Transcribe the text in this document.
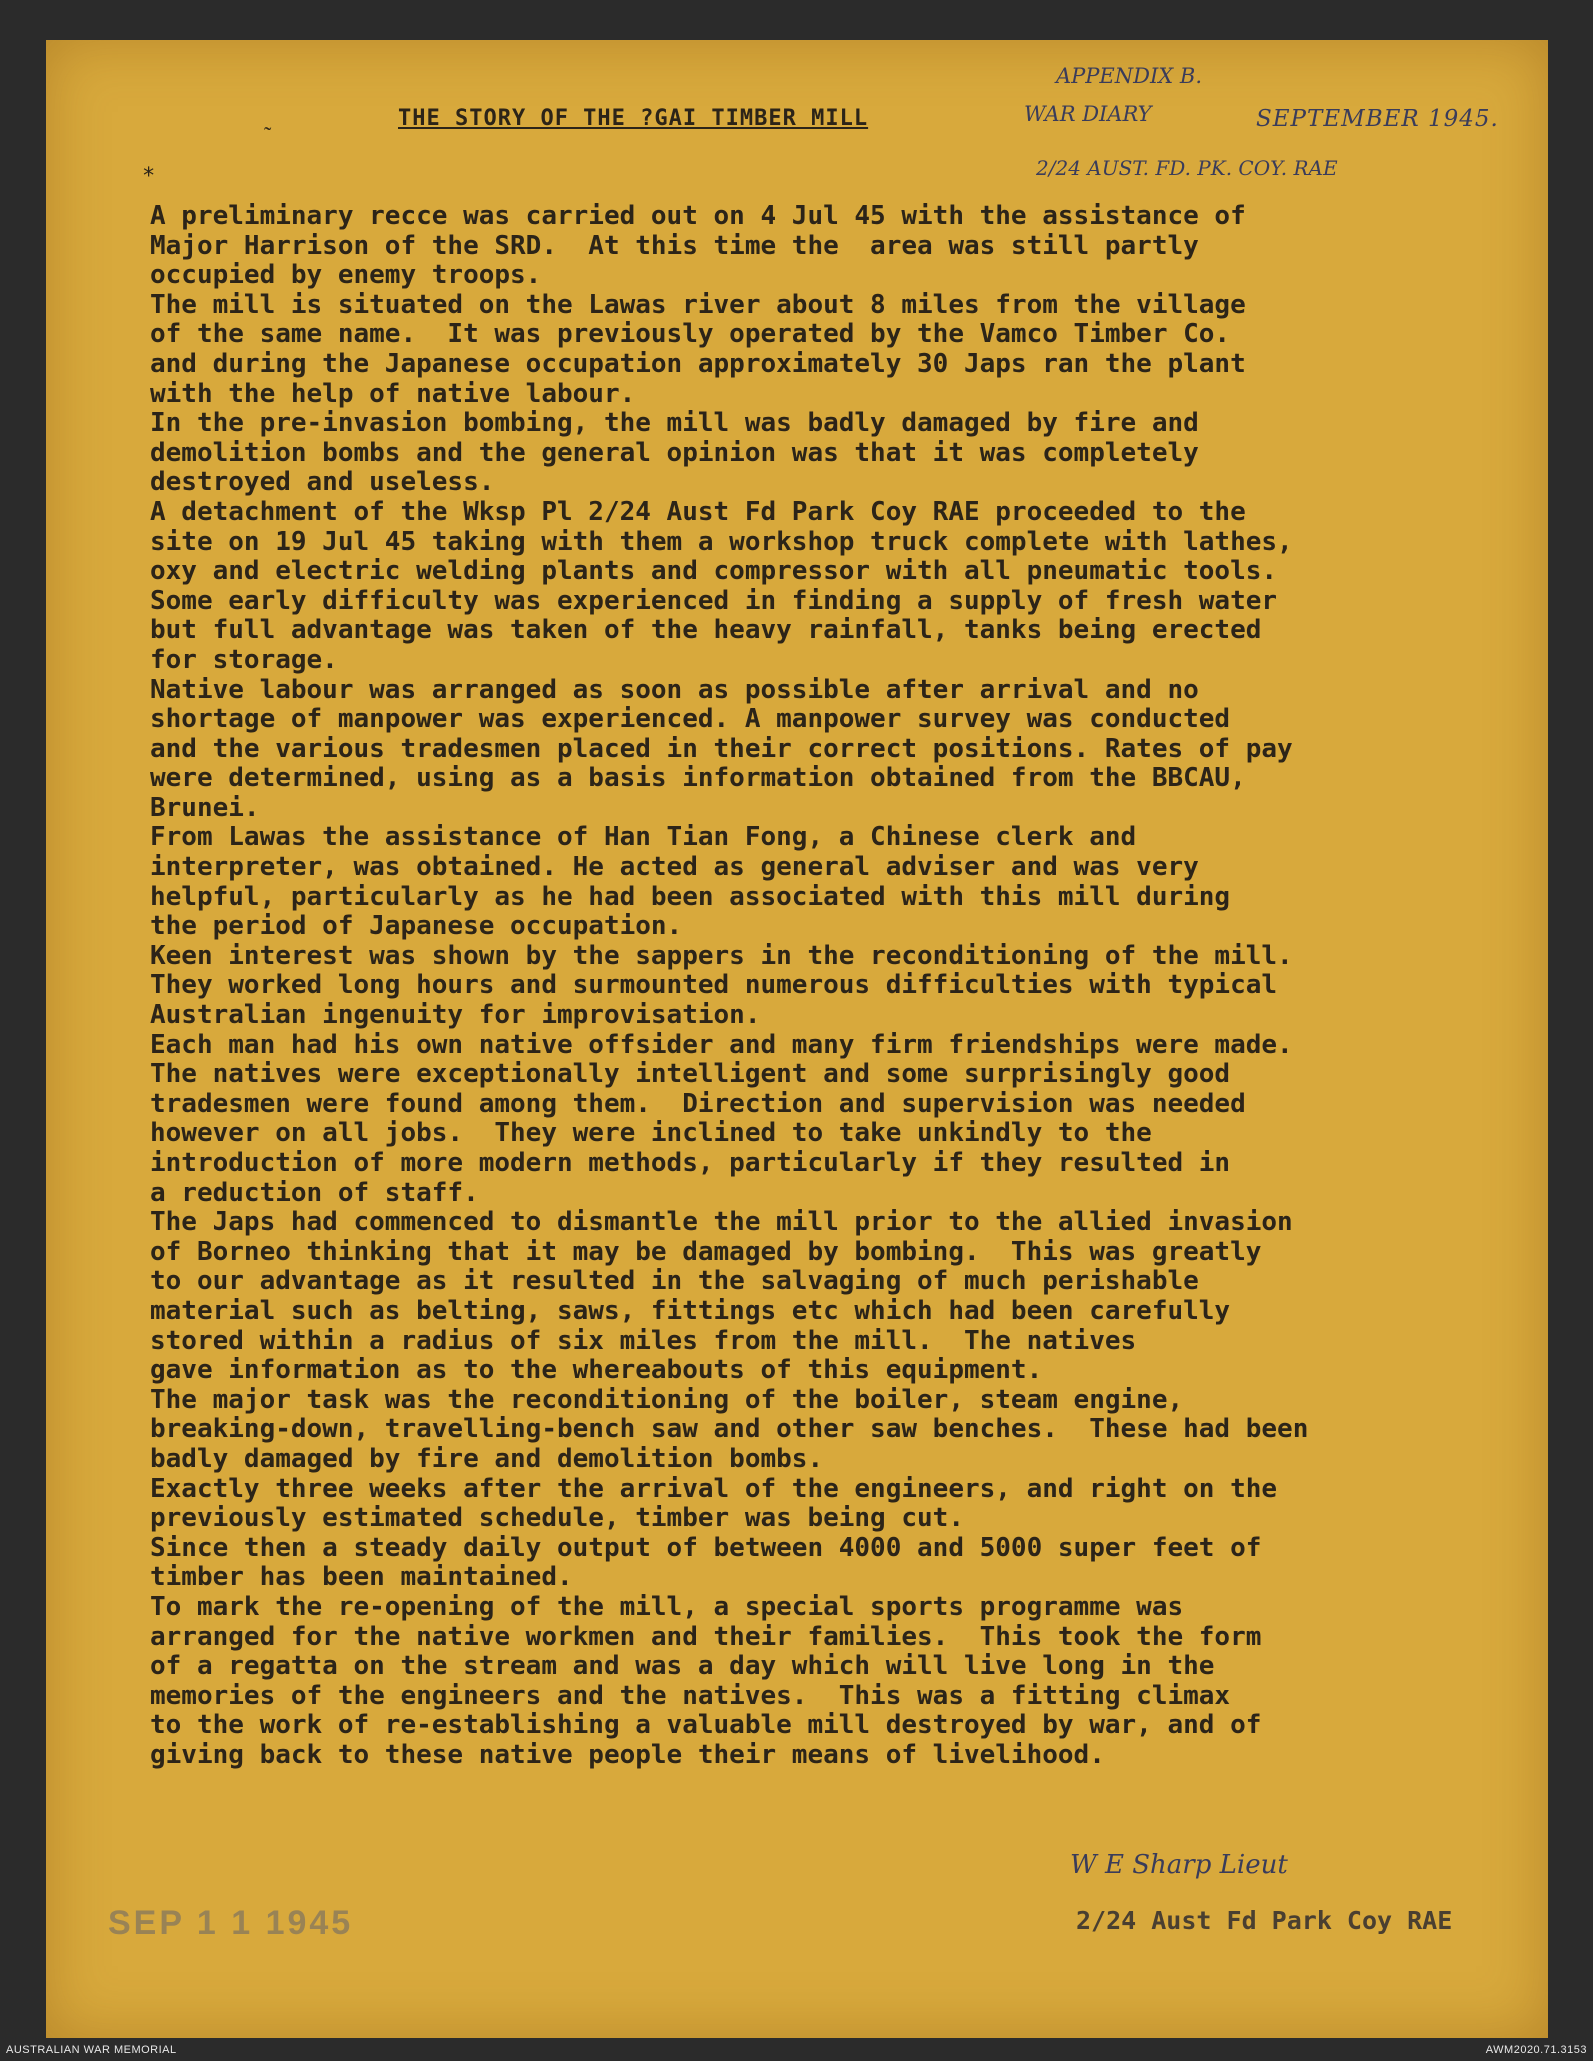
APPENDIX B.
WAR DIARY	SEPTEMBER 1945.
2/24 AUST. FD. PK. COY. RAE
THE STORY OF THE ?GAI TIMBER MILL
˷
*
A preliminary recce was carried out on 4 Jul 45 with the assistance of
Major Harrison of the SRD.  At this time the  area was still partly
occupied by enemy troops.
The mill is situated on the Lawas river about 8 miles from the village
of the same name.  It was previously operated by the Vamco Timber Co.
and during the Japanese occupation approximately 30 Japs ran the plant
with the help of native labour.
In the pre-invasion bombing, the mill was badly damaged by fire and
demolition bombs and the general opinion was that it was completely
destroyed and useless.
A detachment of the Wksp Pl 2/24 Aust Fd Park Coy RAE proceeded to the
site on 19 Jul 45 taking with them a workshop truck complete with lathes,
oxy and electric welding plants and compressor with all pneumatic tools.
Some early difficulty was experienced in finding a supply of fresh water
but full advantage was taken of the heavy rainfall, tanks being erected
for storage.
Native labour was arranged as soon as possible after arrival and no
shortage of manpower was experienced. A manpower survey was conducted
and the various tradesmen placed in their correct positions. Rates of pay
were determined, using as a basis information obtained from the BBCAU,
Brunei.
From Lawas the assistance of Han Tian Fong, a Chinese clerk and
interpreter, was obtained. He acted as general adviser and was very
helpful, particularly as he had been associated with this mill during
the period of Japanese occupation.
Keen interest was shown by the sappers in the reconditioning of the mill.
They worked long hours and surmounted numerous difficulties with typical
Australian ingenuity for improvisation.
Each man had his own native offsider and many firm friendships were made.
The natives were exceptionally intelligent and some surprisingly good
tradesmen were found among them.  Direction and supervision was needed
however on all jobs.  They were inclined to take unkindly to the
introduction of more modern methods, particularly if they resulted in
a reduction of staff.
The Japs had commenced to dismantle the mill prior to the allied invasion
of Borneo thinking that it may be damaged by bombing.  This was greatly
to our advantage as it resulted in the salvaging of much perishable
material such as belting, saws, fittings etc which had been carefully
stored within a radius of six miles from the mill.  The natives
gave information as to the whereabouts of this equipment.
The major task was the reconditioning of the boiler, steam engine,
breaking-down, travelling-bench saw and other saw benches.  These had been
badly damaged by fire and demolition bombs.
Exactly three weeks after the arrival of the engineers, and right on the
previously estimated schedule, timber was being cut.
Since then a steady daily output of between 4000 and 5000 super feet of
timber has been maintained.
To mark the re-opening of the mill, a special sports programme was
arranged for the native workmen and their families.  This took the form
of a regatta on the stream and was a day which will live long in the
memories of the engineers and the natives.  This was a fitting climax
to the work of re-establishing a valuable mill destroyed by war, and of
giving back to these native people their means of livelihood.
SEP 1 1 1945
W E Sharp Lieut
2/24 Aust Fd Park Coy RAE
AUSTRALIAN WAR MEMORIAL	AWM2020.71.3153
